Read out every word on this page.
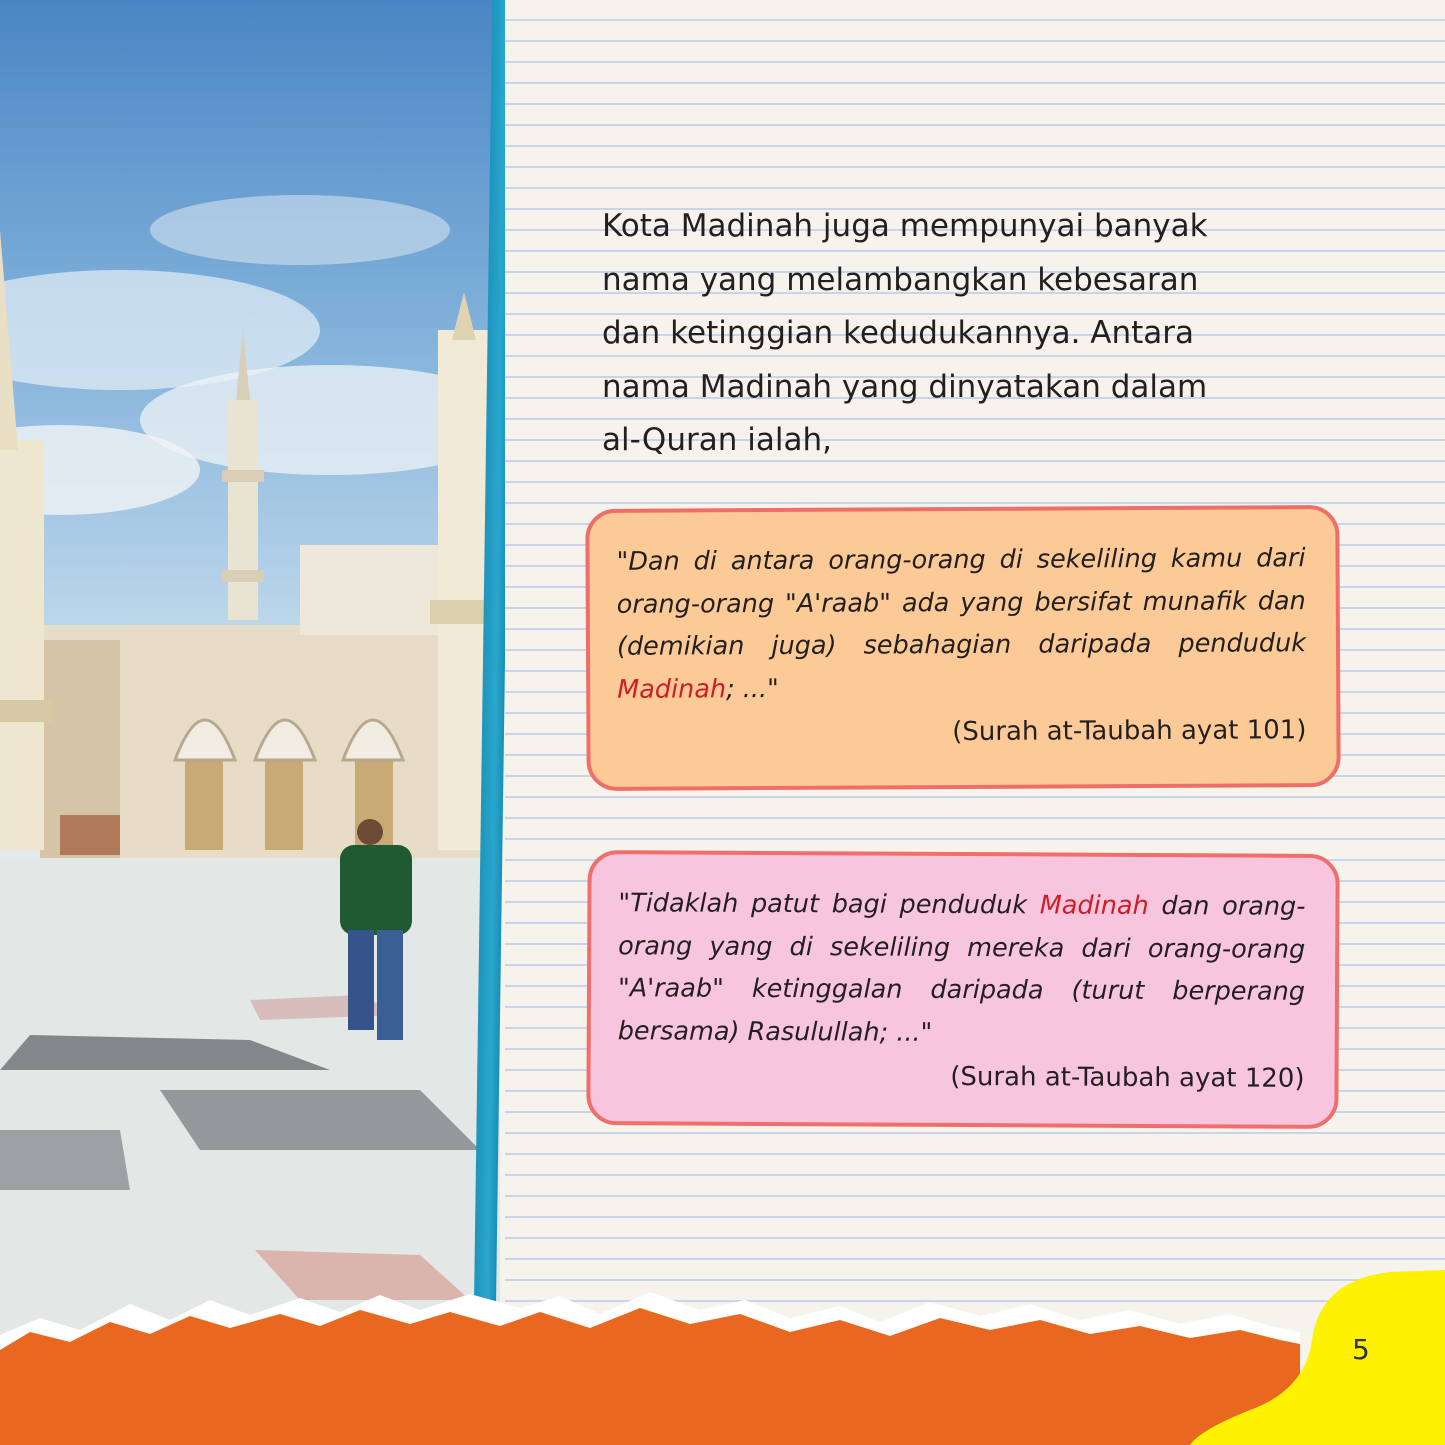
Kota Madinah juga mempunyai banyak
nama yang melambangkan kebesaran
dan ketinggian kedudukannya. Antara
nama Madinah yang dinyatakan dalam
al-Quran ialah,

"Dan di antara orang-orang di sekeliling kamu dari orang-orang "A'raab" ada yang bersifat munafik dan (demikian juga) sebahagian daripada penduduk Madinah; ..."

(Surah at-Taubah ayat 101)

"Tidaklah patut bagi penduduk Madinah dan orang-orang yang di sekeliling mereka dari orang-orang "A'raab" ketinggalan daripada (turut berperang bersama) Rasulullah; ..."

(Surah at-Taubah ayat 120)

5
